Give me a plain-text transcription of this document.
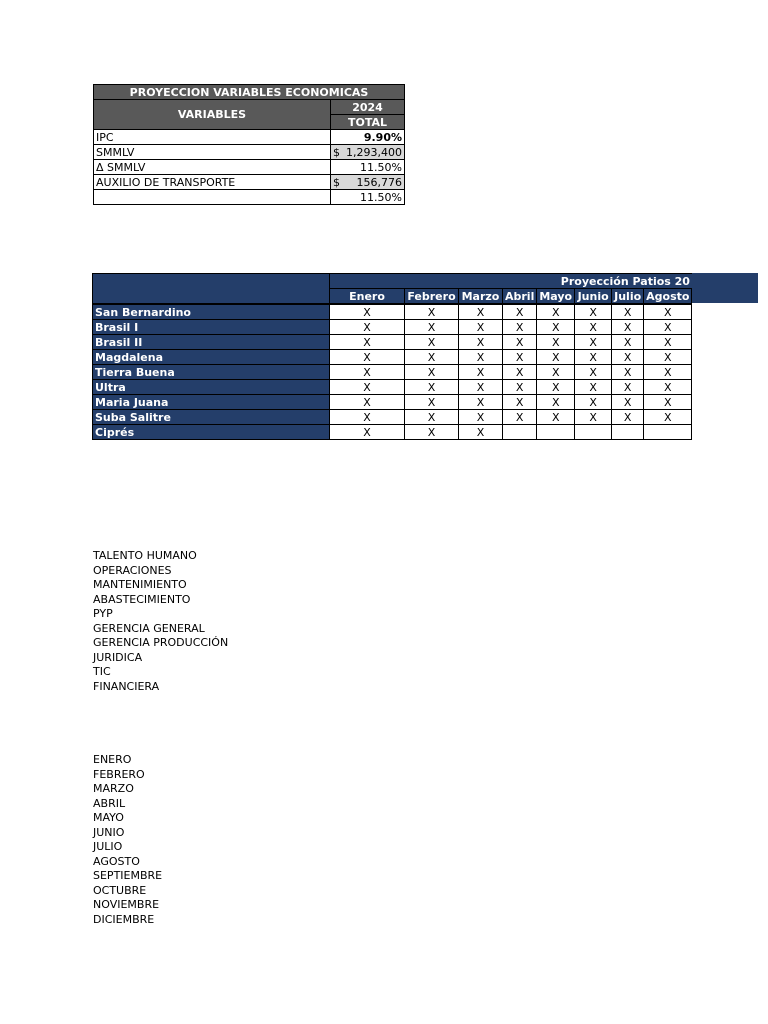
PROYECCION VARIABLES ECONOMICAS	
VARIABLES	2024
	TOTAL
IPC	9.90%
SMMLV	$ 1,293,400

Δ SMMLV	11.50%
AUXILIO DE TRANSPORTE	$ 156,776

	11.50%
	Proyección Patios 20							
	Enero	Febrero	Marzo	Abril	Mayo	Junio	Julio	Agosto
San Bernardino	X	X	X	X	X	X	X	X
Brasil I	X	X	X	X	X	X	X	X
Brasil II	X	X	X	X	X	X	X	X
Magdalena	X	X	X	X	X	X	X	X
Tierra Buena	X	X	X	X	X	X	X	X
Ultra	X	X	X	X	X	X	X	X
Maria Juana	X	X	X	X	X	X	X	X
Suba Salitre	X	X	X	X	X	X	X	X
Ciprés	X	X	X					
TALENTO HUMANO
OPERACIONES
MANTENIMIENTO
ABASTECIMIENTO
PYP
GERENCIA GENERAL
GERENCIA PRODUCCIÓN
JURIDICA
TIC
FINANCIERA
ENERO
FEBRERO
MARZO
ABRIL
MAYO
JUNIO
JULIO
AGOSTO
SEPTIEMBRE
OCTUBRE
NOVIEMBRE
DICIEMBRE
